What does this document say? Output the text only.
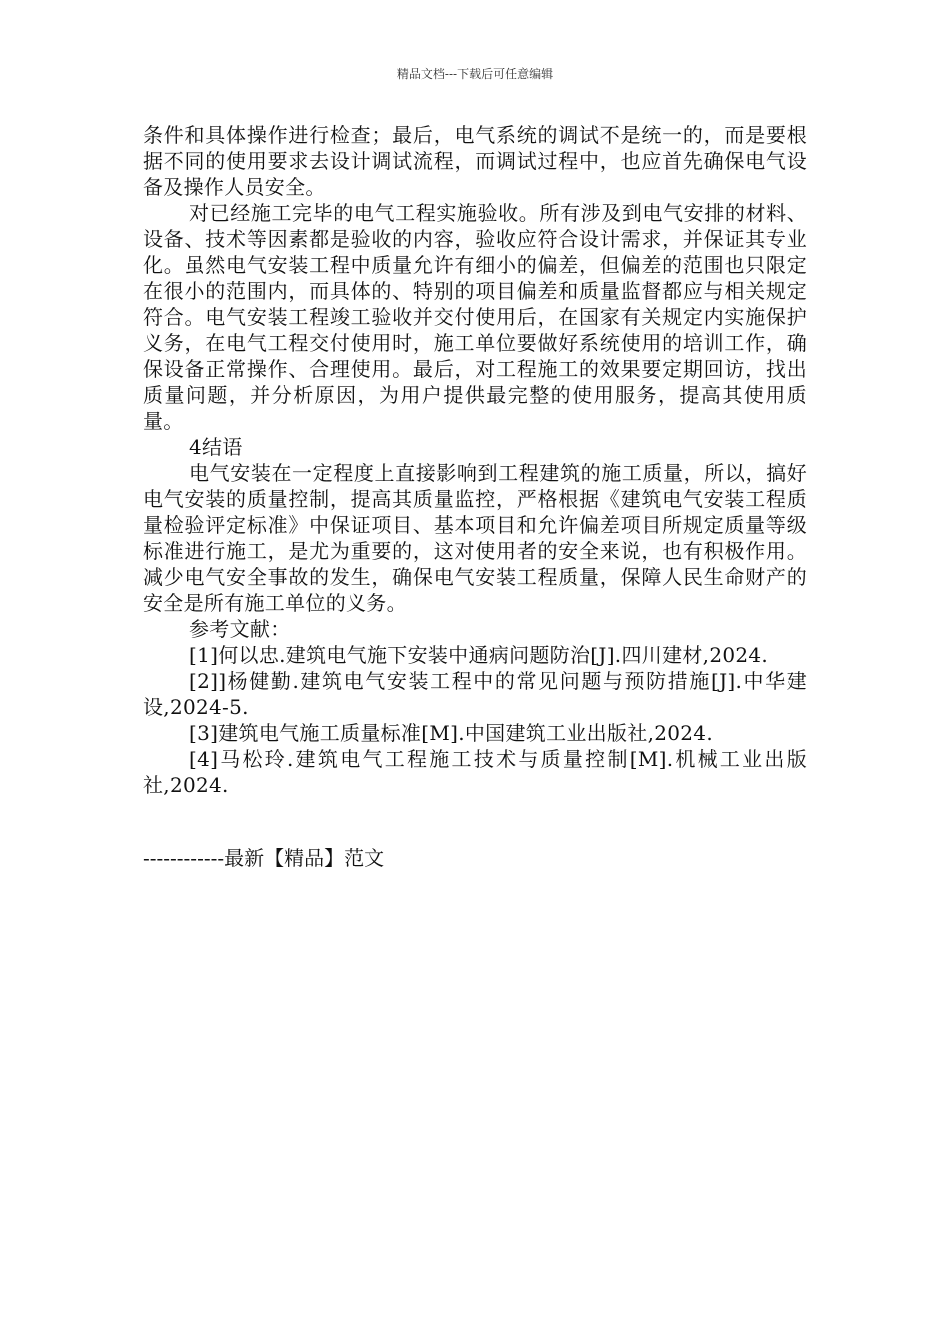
精品文档---下载后可任意编辑

条件和具体操作进行检查；最后，电气系统的调试不是统一的，而是要根据不同的使用要求去设计调试流程，而调试过程中，也应首先确保电气设备及操作人员安全。

对已经施工完毕的电气工程实施验收。所有涉及到电气安排的材料、设备、技术等因素都是验收的内容，验收应符合设计需求，并保证其专业化。虽然电气安装工程中质量允许有细小的偏差，但偏差的范围也只限定在很小的范围内，而具体的、特别的项目偏差和质量监督都应与相关规定符合。电气安装工程竣工验收并交付使用后，在国家有关规定内实施保护义务，在电气工程交付使用时，施工单位要做好系统使用的培训工作，确保设备正常操作、合理使用。最后，对工程施工的效果要定期回访，找出质量问题，并分析原因，为用户提供最完整的使用服务，提高其使用质量。

4结语

电气安装在一定程度上直接影响到工程建筑的施工质量，所以，搞好电气安装的质量控制，提高其质量监控，严格根据《建筑电气安装工程质量检验评定标准》中保证项目、基本项目和允许偏差项目所规定质量等级标准进行施工，是尤为重要的，这对使用者的安全来说，也有积极作用。减少电气安全事故的发生，确保电气安装工程质量，保障人民生命财产的安全是所有施工单位的义务。

参考文献：

[1]何以忠.建筑电气施下安装中通病问题防治[J].四川建材,2024.

[2]]杨健勤.建筑电气安装工程中的常见问题与预防措施[J].中华建设,2024-5.

[3]建筑电气施工质量标准[M].中国建筑工业出版社,2024.

[4]马松玲.建筑电气工程施工技术与质量控制[M].机械工业出版社,2024.

------------最新【精品】范文
